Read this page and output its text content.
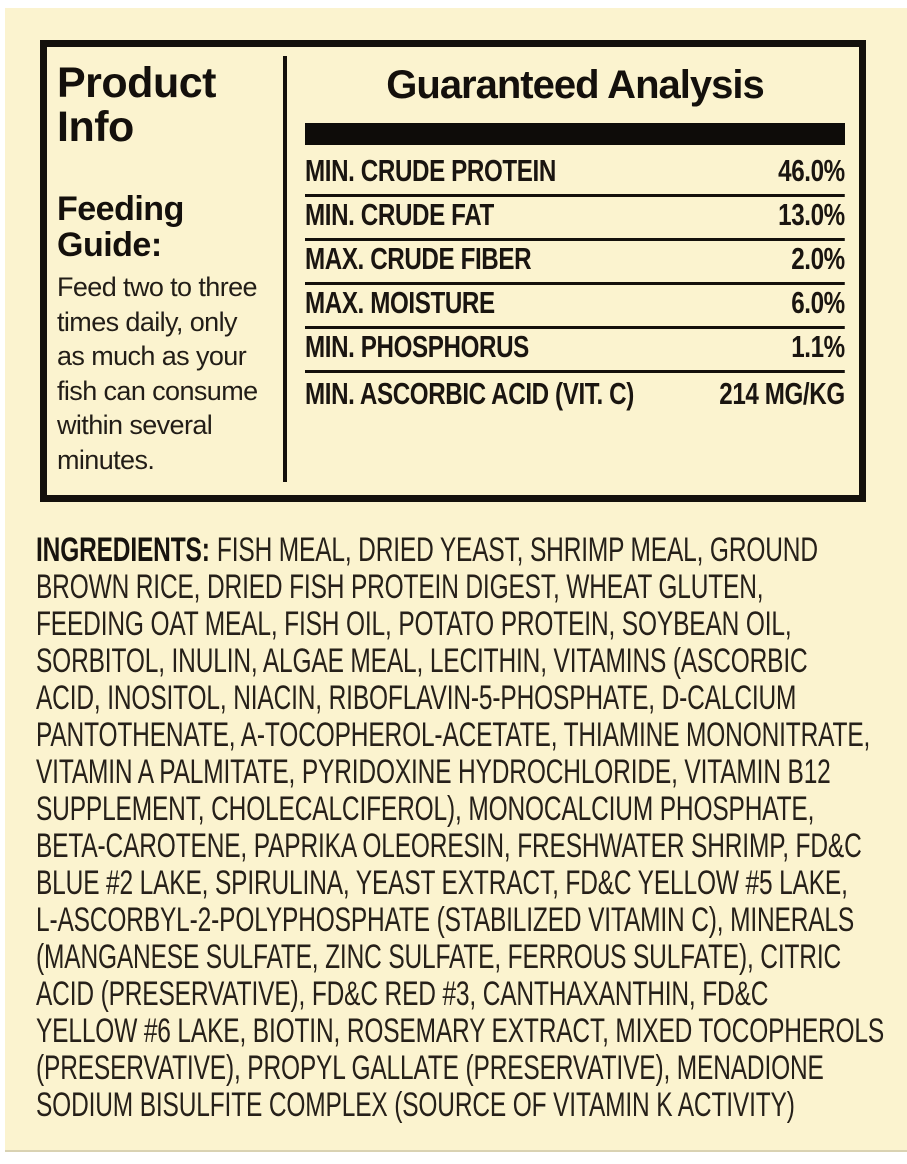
Product Info
Feeding Guide:
Feed two to three
times daily, only
as much as your
fish can consume
within several
minutes.
Guaranteed Analysis
MIN. CRUDE PROTEIN	46.0%
MIN. CRUDE FAT	13.0%
MAX. CRUDE FIBER	2.0%
MAX. MOISTURE	6.0%
MIN. PHOSPHORUS	1.1%
MIN. ASCORBIC ACID (VIT. C)	214 MG/KG
INGREDIENTS: FISH MEAL, DRIED YEAST, SHRIMP MEAL, GROUND
BROWN RICE, DRIED FISH PROTEIN DIGEST, WHEAT GLUTEN,
FEEDING OAT MEAL, FISH OIL, POTATO PROTEIN, SOYBEAN OIL,
SORBITOL, INULIN, ALGAE MEAL, LECITHIN, VITAMINS (ASCORBIC
ACID, INOSITOL, NIACIN, RIBOFLAVIN-5-PHOSPHATE, D-CALCIUM
PANTOTHENATE, A-TOCOPHEROL-ACETATE, THIAMINE MONONITRATE,
VITAMIN A PALMITATE, PYRIDOXINE HYDROCHLORIDE, VITAMIN B12
SUPPLEMENT, CHOLECALCIFEROL), MONOCALCIUM PHOSPHATE,
BETA-CAROTENE, PAPRIKA OLEORESIN, FRESHWATER SHRIMP, FD&C
BLUE #2 LAKE, SPIRULINA, YEAST EXTRACT, FD&C YELLOW #5 LAKE,
L-ASCORBYL-2-POLYPHOSPHATE (STABILIZED VITAMIN C), MINERALS
(MANGANESE SULFATE, ZINC SULFATE, FERROUS SULFATE), CITRIC
ACID (PRESERVATIVE), FD&C RED #3, CANTHAXANTHIN, FD&C
YELLOW #6 LAKE, BIOTIN, ROSEMARY EXTRACT, MIXED TOCOPHEROLS
(PRESERVATIVE), PROPYL GALLATE (PRESERVATIVE), MENADIONE
SODIUM BISULFITE COMPLEX (SOURCE OF VITAMIN K ACTIVITY)
